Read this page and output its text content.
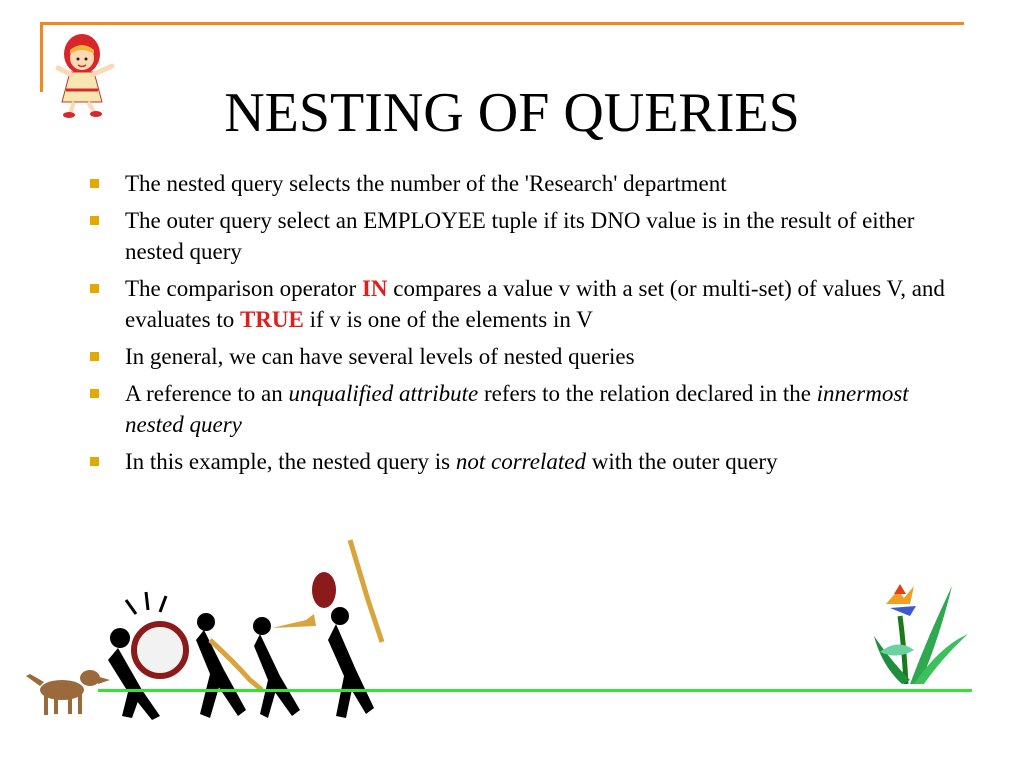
NESTING OF QUERIES
The nested query selects the number of the 'Research' department
The outer query select an EMPLOYEE tuple if its DNO value is in the result of either nested query
The comparison operator IN compares a value v with a set (or multi-set) of values V, and evaluates to TRUE if v is one of the elements in V
In general, we can have several levels of nested queries
A reference to an unqualified attribute refers to the relation declared in the innermost nested query
In this example, the nested query is not correlated with the outer query
